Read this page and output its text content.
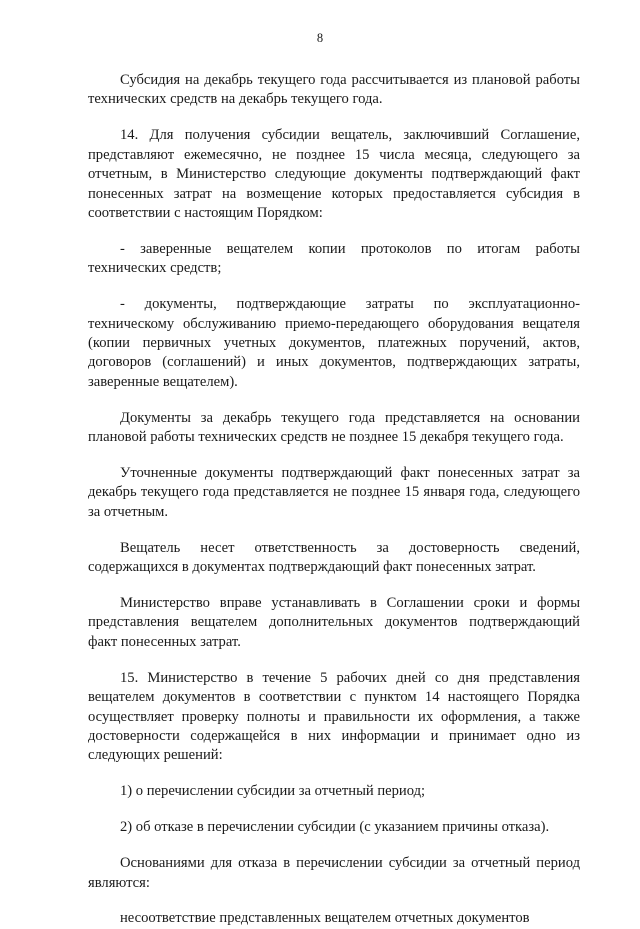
8

Субсидия на декабрь текущего года рассчитывается из плановой работы технических средств на декабрь текущего года.

14. Для получения субсидии вещатель, заключивший Соглашение, представляют ежемесячно, не позднее 15 числа месяца, следующего за отчетным, в Министерство следующие документы подтверждающий факт понесенных затрат на возмещение которых предоставляется субсидия в соответствии с настоящим Порядком:

- заверенные вещателем копии протоколов по итогам работы технических средств;

- документы, подтверждающие затраты по эксплуатационно-техническому обслуживанию приемо-передающего оборудования вещателя (копии первичных учетных документов, платежных поручений, актов, договоров (соглашений) и иных документов, подтверждающих затраты, заверенные вещателем).

Документы за декабрь текущего года представляется на основании плановой работы технических средств не позднее 15 декабря текущего года.

Уточненные документы подтверждающий факт понесенных затрат за декабрь текущего года представляется не позднее 15 января года, следующего за отчетным.

Вещатель несет ответственность за достоверность сведений, содержащихся в документах подтверждающий факт понесенных затрат.

Министерство вправе устанавливать в Соглашении сроки и формы представления вещателем дополнительных документов подтверждающий факт понесенных затрат.

15. Министерство в течение 5 рабочих дней со дня представления вещателем документов в соответствии с пунктом 14 настоящего Порядка осуществляет проверку полноты и правильности их оформления, а также достоверности содержащейся в них информации и принимает одно из следующих решений:

1) о перечислении субсидии за отчетный период;

2) об отказе в перечислении субсидии (с указанием причины отказа).

Основаниями для отказа в перечислении субсидии за отчетный период являются:

несоответствие представленных вещателем отчетных документов
